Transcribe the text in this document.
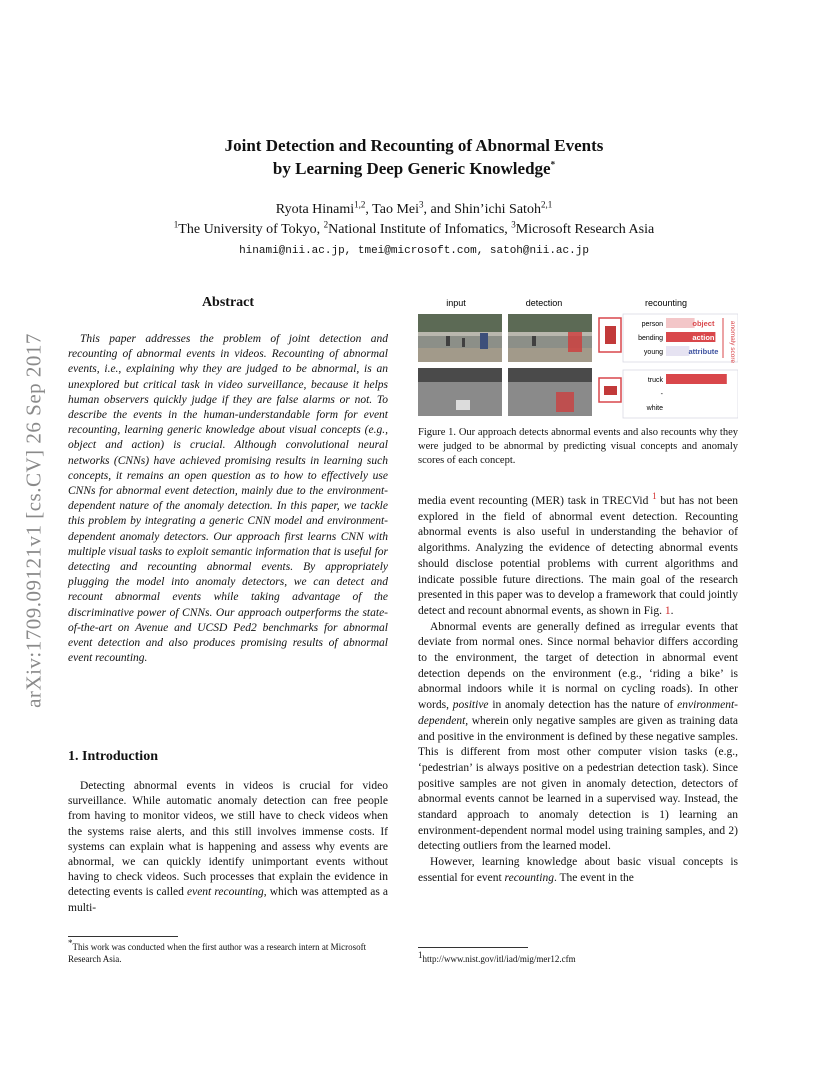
Joint Detection and Recounting of Abnormal Events
by Learning Deep Generic Knowledge*
Ryota Hinami$^{1,2}$, Tao Mei$^3$, and Shin’ichi Satoh$^{2,1}$
$^1$The University of Tokyo, $^2$National Institute of Infomatics, $^3$Microsoft Research Asia
hinami@nii.ac.jp, tmei@microsoft.com, satoh@nii.ac.jp
arXiv:1709.09121v1 [cs.CV] 26 Sep 2017
Abstract

This paper addresses the problem of joint detection and recounting of abnormal events in videos. Recounting of abnormal events, i.e., explaining why they are judged to be abnormal, is an unexplored but critical task in video surveillance, because it helps human observers quickly judge if they are false alarms or not. To describe the events in the human-understandable form for event recounting, learning generic knowledge about visual concepts (e.g., object and action) is crucial. Although convolutional neural networks (CNNs) have achieved promising results in learning such concepts, it remains an open question as to how to effectively use CNNs for abnormal event detection, mainly due to the environment-dependent nature of the anomaly detection. In this paper, we tackle this problem by integrating a generic CNN model and environment-dependent anomaly detectors. Our approach first learns CNN with multiple visual tasks to exploit semantic information that is useful for detecting and recounting abnormal events. By appropriately plugging the model into anomaly detectors, we can detect and recount abnormal events while taking advantage of the discriminative power of CNNs. Our approach outperforms the state-of-the-art on Avenue and UCSD Ped2 benchmarks for abnormal event detection and also produces promising results of abnormal event recounting.

1. Introduction

Detecting abnormal events in videos is crucial for video surveillance. While automatic anomaly detection can free people from having to monitor videos, we still have to check videos when the systems raise alerts, and this still involves immense costs. If systems can explain what is happening and assess why events are abnormal, we can quickly identify unimportant events without having to check videos. Such processes that explain the evidence in detecting events is called event recounting, which was attempted as a multi-

*This work was conducted when the first author was a research intern at Microsoft Research Asia.
input	detection	recounting
person
bending
young
object
action
attribute anomaly score
truck
-
white
Figure 1. Our approach detects abnormal events and also recounts why they were judged to be abnormal by predicting visual concepts and anomaly scores of each concept.

media event recounting (MER) task in TRECVid $^1$ but has not been explored in the field of abnormal event detection. Recounting abnormal events is also useful in understanding the behavior of algorithms. Analyzing the evidence of detecting abnormal events should disclose potential problems with current algorithms and indicate possible future directions. The main goal of the research presented in this paper was to develop a framework that could jointly detect and recount abnormal events, as shown in Fig. 1.

Abnormal events are generally defined as irregular events that deviate from normal ones. Since normal behavior differs according to the environment, the target of detection in abnormal event detection depends on the environment (e.g., ‘riding a bike’ is abnormal indoors while it is normal on cycling roads). In other words, positive in anomaly detection has the nature of environment-dependent, wherein only negative samples are given as training data and positive in the environment is defined by these negative samples. This is different from most other computer vision tasks (e.g., ‘pedestrian’ is always positive on a pedestrian detection task). Since positive samples are not given in anomaly detection, detectors of abnormal events cannot be learned in a supervised way. Instead, the standard approach to anomaly detection is 1) learning an environment-dependent normal model using training samples, and 2) detecting outliers from the learned model.

However, learning knowledge about basic visual concepts is essential for event recounting. The event in the

$^1$http://www.nist.gov/itl/iad/mig/mer12.cfm
